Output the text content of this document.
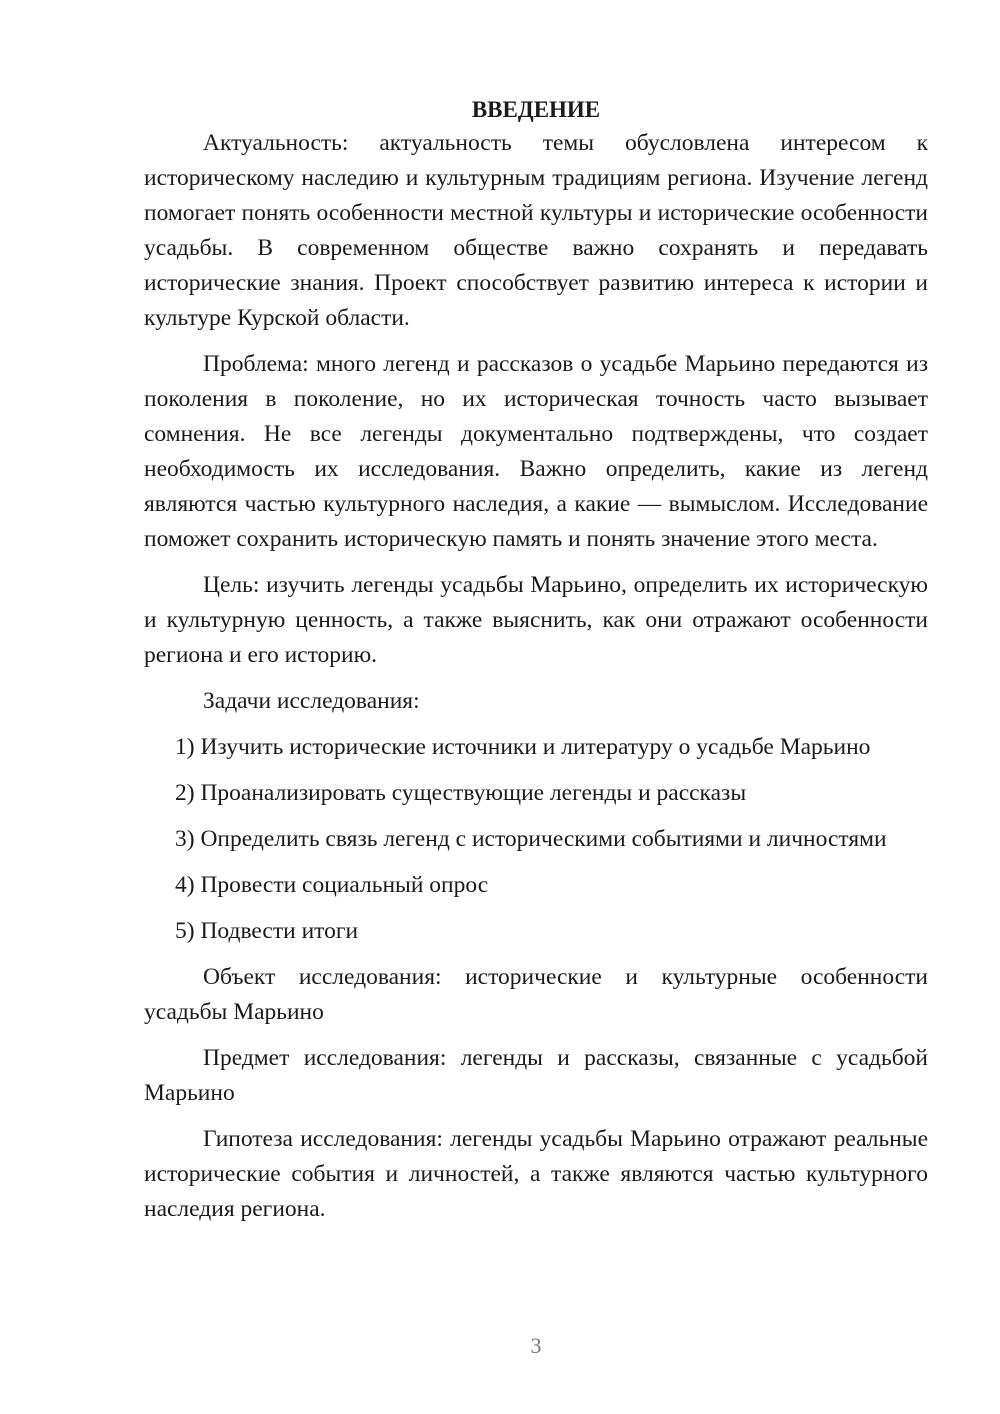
ВВЕДЕНИЕ

Актуальность: актуальность темы обусловлена интересом к историческому наследию и культурным традициям региона. Изучение легенд помогает понять особенности местной культуры и исторические особенности усадьбы. В современном обществе важно сохранять и передавать исторические знания. Проект способствует развитию интереса к истории и культуре Курской области.

Проблема: много легенд и рассказов о усадьбе Марьино передаются из поколения в поколение, но их историческая точность часто вызывает сомнения. Не все легенды документально подтверждены, что создает необходимость их исследования. Важно определить, какие из легенд являются частью культурного наследия, а какие — вымыслом. Исследование поможет сохранить историческую память и понять значение этого места.

Цель: изучить легенды усадьбы Марьино, определить их историческую и культурную ценность, а также выяснить, как они отражают особенности региона и его историю.

Задачи исследования:

1) Изучить исторические источники и литературу о усадьбе Марьино

2) Проанализировать существующие легенды и рассказы

3) Определить связь легенд с историческими событиями и личностями

4) Провести социальный опрос

5) Подвести итоги

Объект исследования: исторические и культурные особенности усадьбы Марьино

Предмет исследования: легенды и рассказы, связанные с усадьбой Марьино

Гипотеза исследования: легенды усадьбы Марьино отражают реальные исторические события и личностей, а также являются частью культурного наследия региона.

3
